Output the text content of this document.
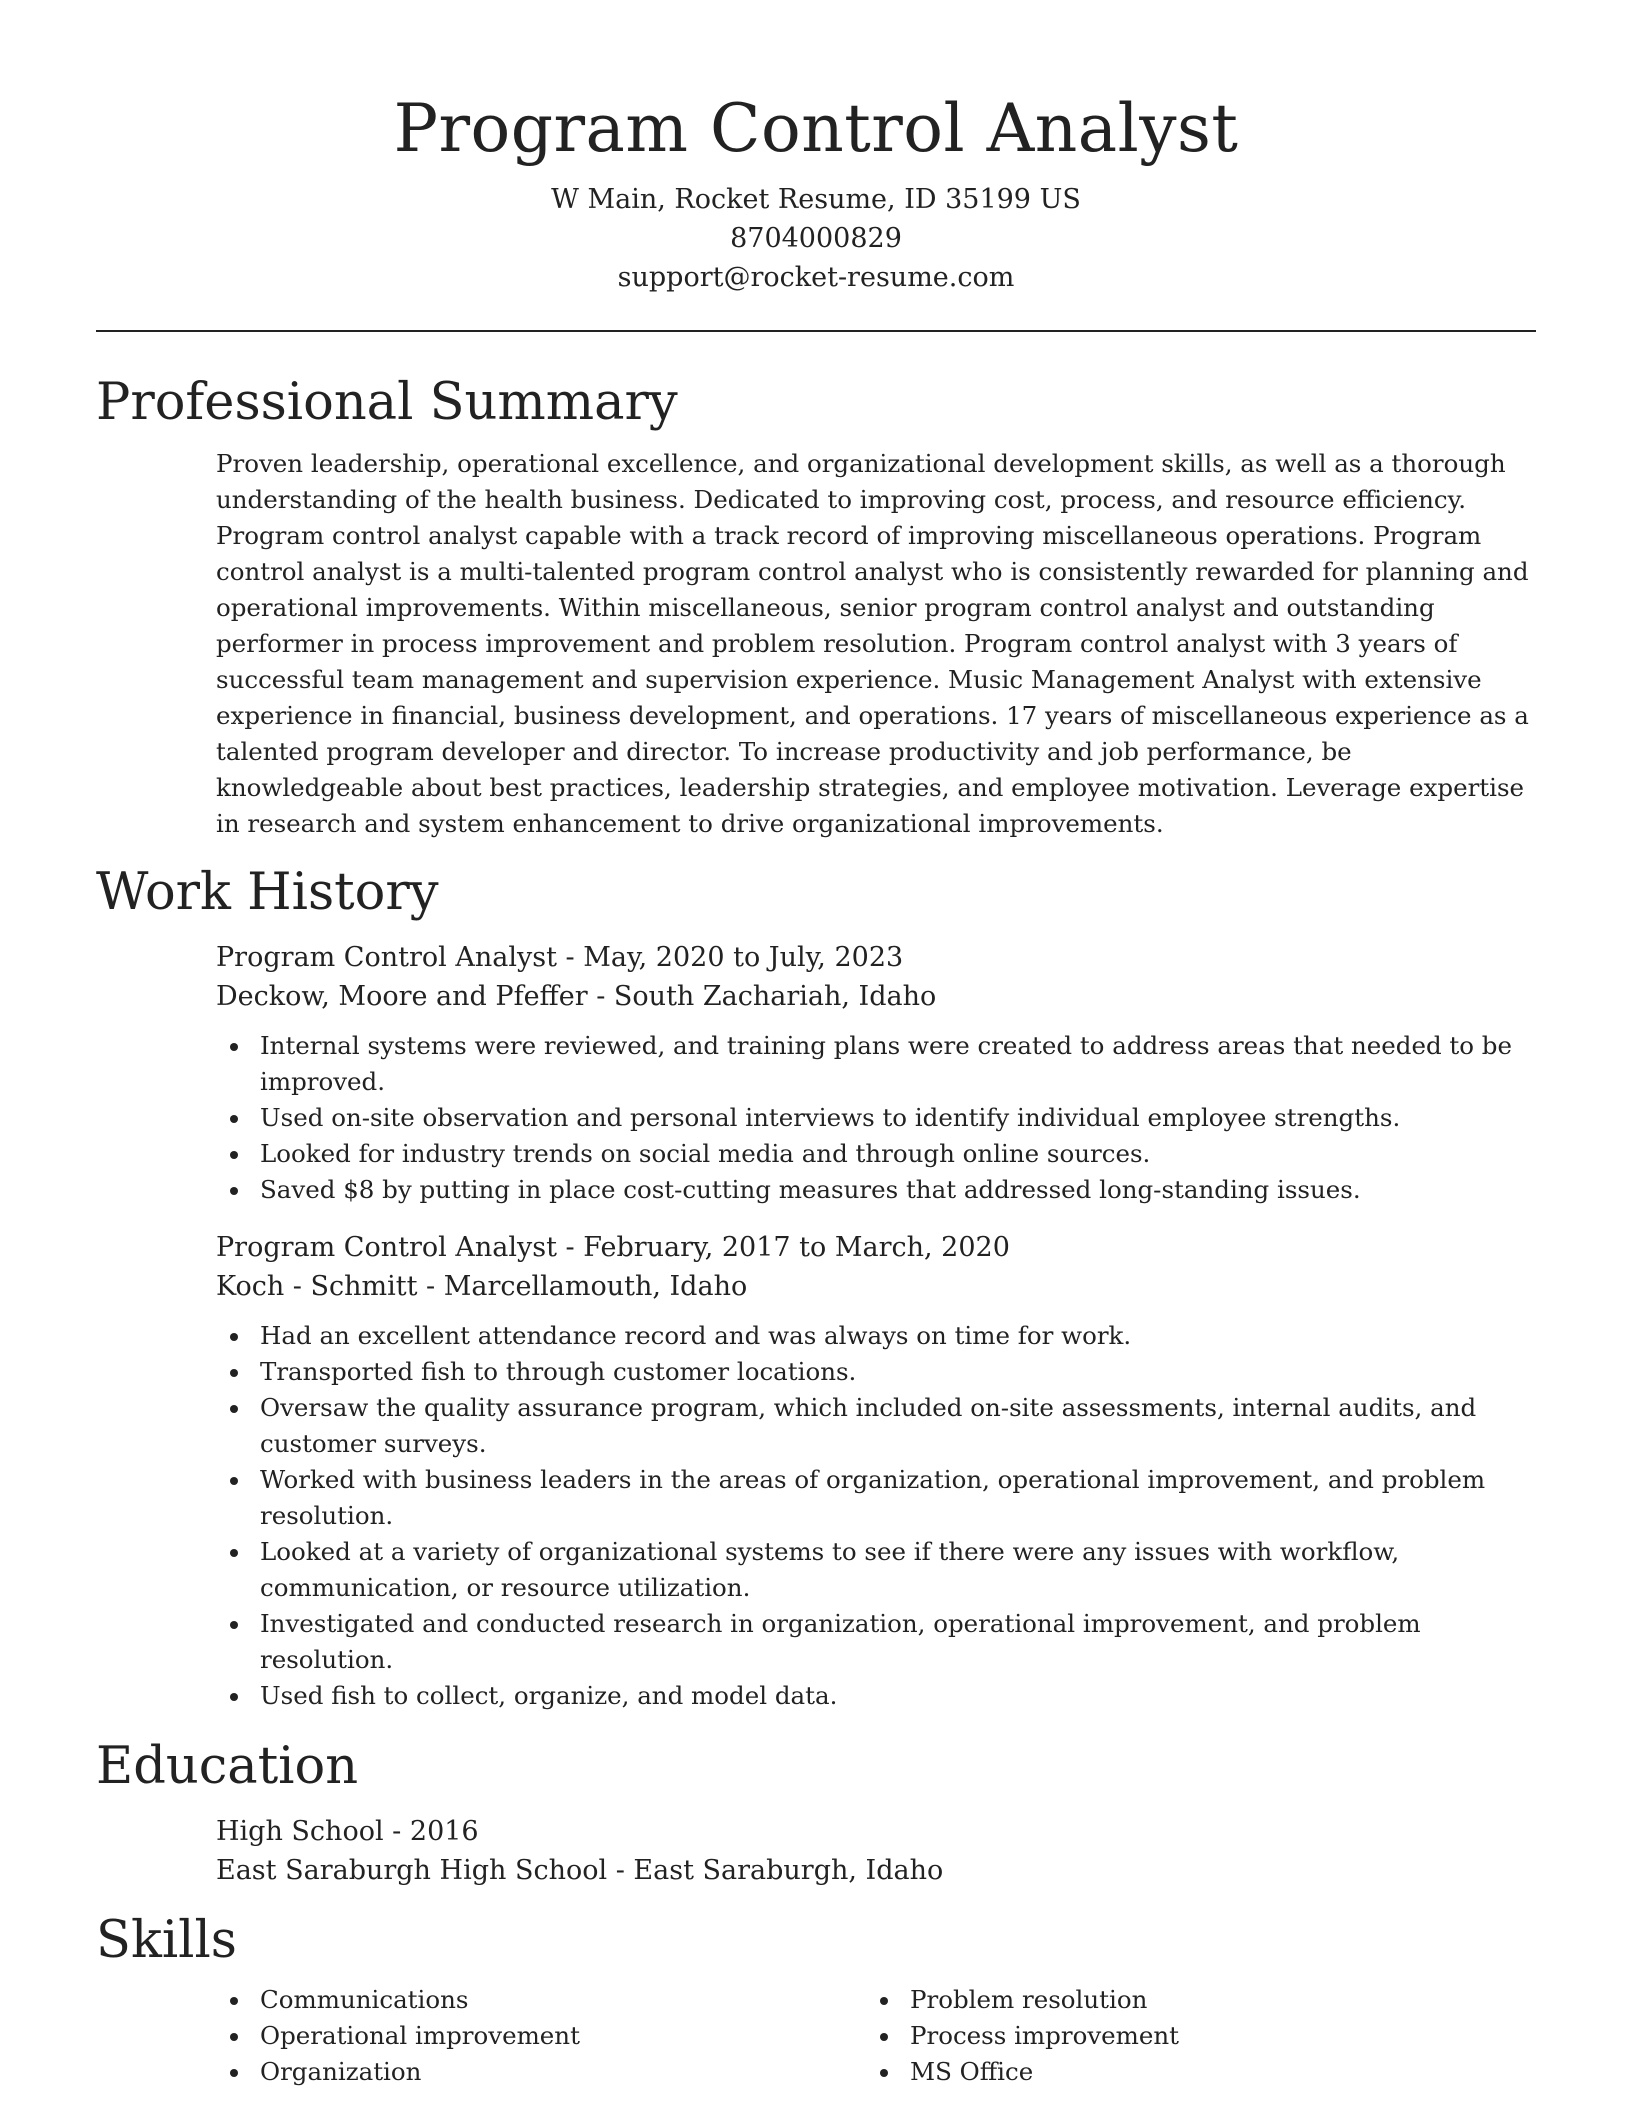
Program Control Analyst
W Main, Rocket Resume, ID 35199 US
8704000829
support@rocket-resume.com
Professional Summary

Proven leadership, operational excellence, and organizational development skills, as well as a thorough understanding of the health business. Dedicated to improving cost, process, and resource efficiency. Program control analyst capable with a track record of improving miscellaneous operations. Program control analyst is a multi-talented program control analyst who is consistently rewarded for planning and operational improvements. Within miscellaneous, senior program control analyst and outstanding performer in process improvement and problem resolution. Program control analyst with 3 years of successful team management and supervision experience. Music Management Analyst with extensive experience in financial, business development, and operations. 17 years of miscellaneous experience as a talented program developer and director. To increase productivity and job performance, be knowledgeable about best practices, leadership strategies, and employee motivation. Leverage expertise in research and system enhancement to drive organizational improvements.

Work History
Program Control Analyst - May, 2020 to July, 2023
Deckow, Moore and Pfeffer - South Zachariah, Idaho
Internal systems were reviewed, and training plans were created to address areas that needed to be improved.
Used on-site observation and personal interviews to identify individual employee strengths.
Looked for industry trends on social media and through online sources.
Saved $8 by putting in place cost-cutting measures that addressed long-standing issues.
Program Control Analyst - February, 2017 to March, 2020
Koch - Schmitt - Marcellamouth, Idaho
Had an excellent attendance record and was always on time for work.
Transported fish to through customer locations.
Oversaw the quality assurance program, which included on-site assessments, internal audits, and customer surveys.
Worked with business leaders in the areas of organization, operational improvement, and problem resolution.
Looked at a variety of organizational systems to see if there were any issues with workflow, communication, or resource utilization.
Investigated and conducted research in organization, operational improvement, and problem resolution.
Used fish to collect, organize, and model data.
Education
High School - 2016
East Saraburgh High School - East Saraburgh, Idaho
Skills
Communications
Operational improvement
Organization
Problem resolution
Process improvement
MS Office
